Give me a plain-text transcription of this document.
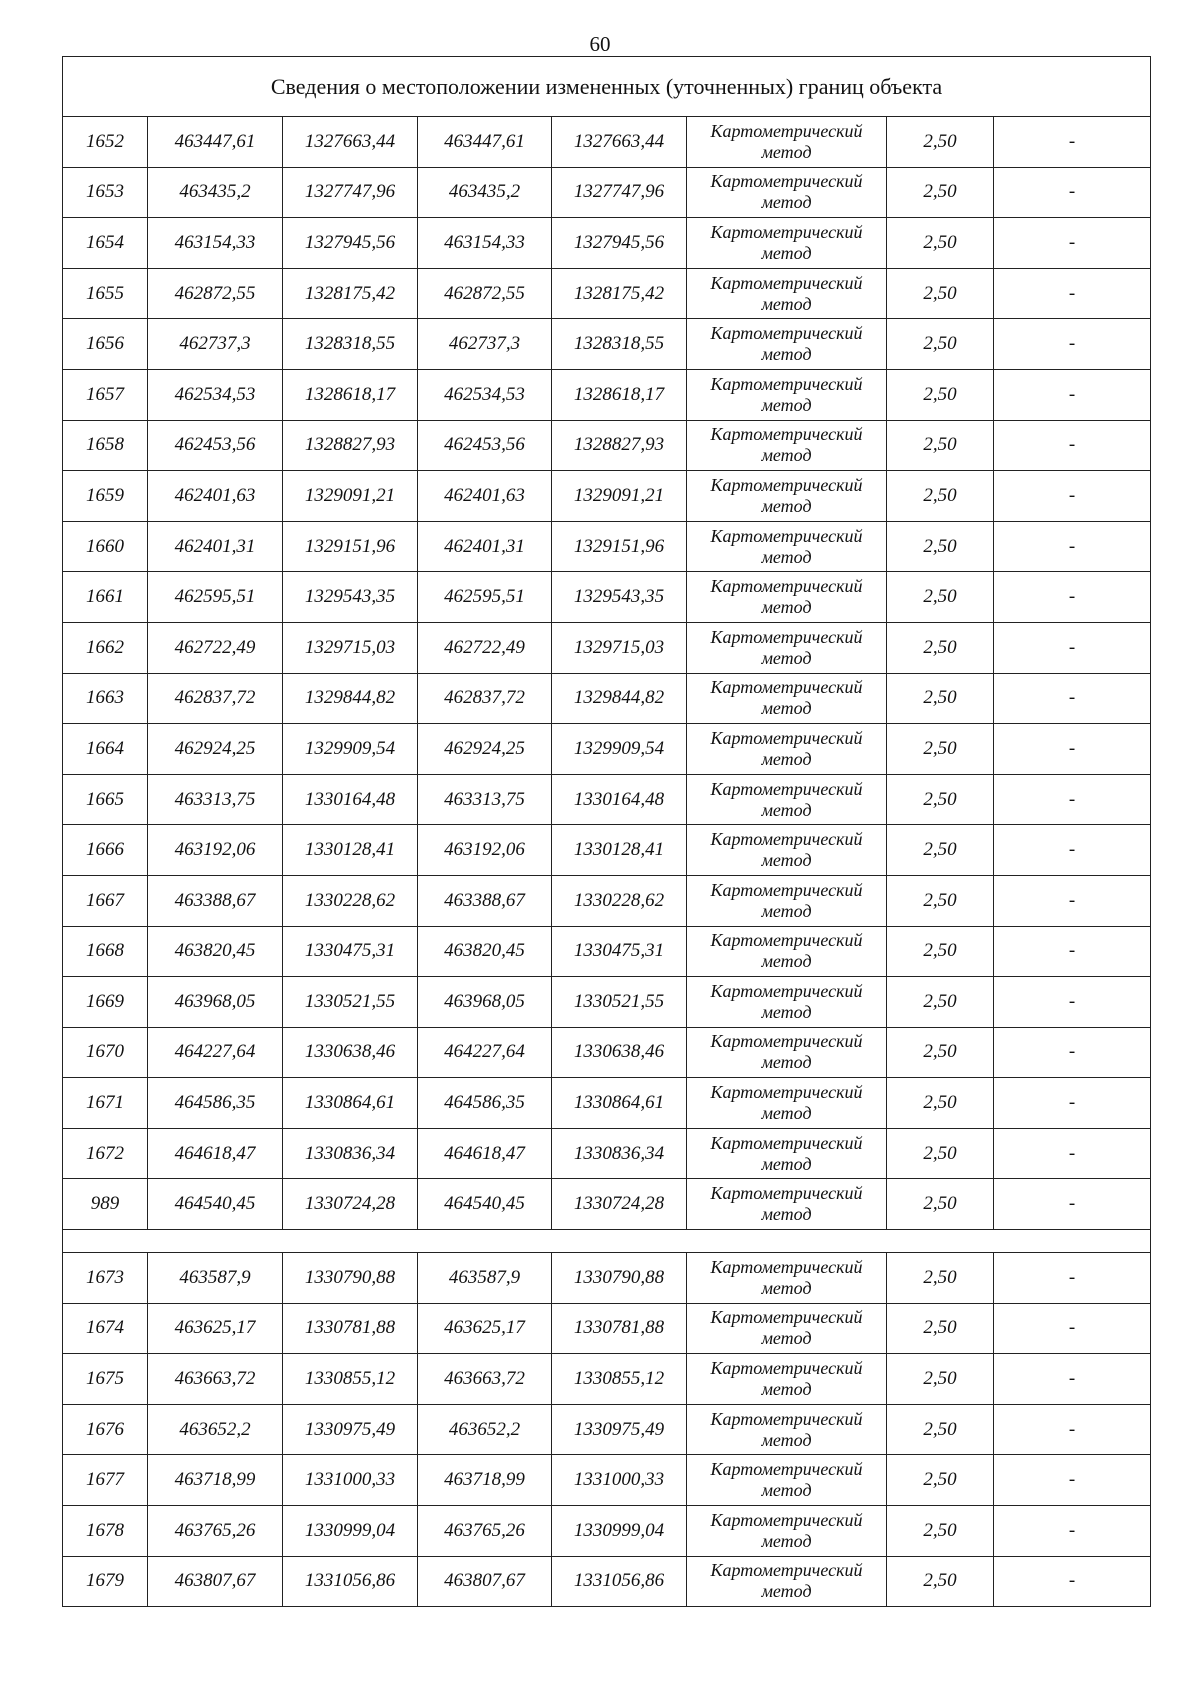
60
Сведения о местоположении измененных (уточненных) границ объекта							
1652	463447,61	1327663,44	463447,61	1327663,44	Картометрический
метод	2,50	-
1653	463435,2	1327747,96	463435,2	1327747,96	Картометрический
метод	2,50	-
1654	463154,33	1327945,56	463154,33	1327945,56	Картометрический
метод	2,50	-
1655	462872,55	1328175,42	462872,55	1328175,42	Картометрический
метод	2,50	-
1656	462737,3	1328318,55	462737,3	1328318,55	Картометрический
метод	2,50	-
1657	462534,53	1328618,17	462534,53	1328618,17	Картометрический
метод	2,50	-
1658	462453,56	1328827,93	462453,56	1328827,93	Картометрический
метод	2,50	-
1659	462401,63	1329091,21	462401,63	1329091,21	Картометрический
метод	2,50	-
1660	462401,31	1329151,96	462401,31	1329151,96	Картометрический
метод	2,50	-
1661	462595,51	1329543,35	462595,51	1329543,35	Картометрический
метод	2,50	-
1662	462722,49	1329715,03	462722,49	1329715,03	Картометрический
метод	2,50	-
1663	462837,72	1329844,82	462837,72	1329844,82	Картометрический
метод	2,50	-
1664	462924,25	1329909,54	462924,25	1329909,54	Картометрический
метод	2,50	-
1665	463313,75	1330164,48	463313,75	1330164,48	Картометрический
метод	2,50	-
1666	463192,06	1330128,41	463192,06	1330128,41	Картометрический
метод	2,50	-
1667	463388,67	1330228,62	463388,67	1330228,62	Картометрический
метод	2,50	-
1668	463820,45	1330475,31	463820,45	1330475,31	Картометрический
метод	2,50	-
1669	463968,05	1330521,55	463968,05	1330521,55	Картометрический
метод	2,50	-
1670	464227,64	1330638,46	464227,64	1330638,46	Картометрический
метод	2,50	-
1671	464586,35	1330864,61	464586,35	1330864,61	Картометрический
метод	2,50	-
1672	464618,47	1330836,34	464618,47	1330836,34	Картометрический
метод	2,50	-
989	464540,45	1330724,28	464540,45	1330724,28	Картометрический
метод	2,50	-

1673	463587,9	1330790,88	463587,9	1330790,88	Картометрический
метод	2,50	-
1674	463625,17	1330781,88	463625,17	1330781,88	Картометрический
метод	2,50	-
1675	463663,72	1330855,12	463663,72	1330855,12	Картометрический
метод	2,50	-
1676	463652,2	1330975,49	463652,2	1330975,49	Картометрический
метод	2,50	-
1677	463718,99	1331000,33	463718,99	1331000,33	Картометрический
метод	2,50	-
1678	463765,26	1330999,04	463765,26	1330999,04	Картометрический
метод	2,50	-
1679	463807,67	1331056,86	463807,67	1331056,86	Картометрический
метод	2,50	-
